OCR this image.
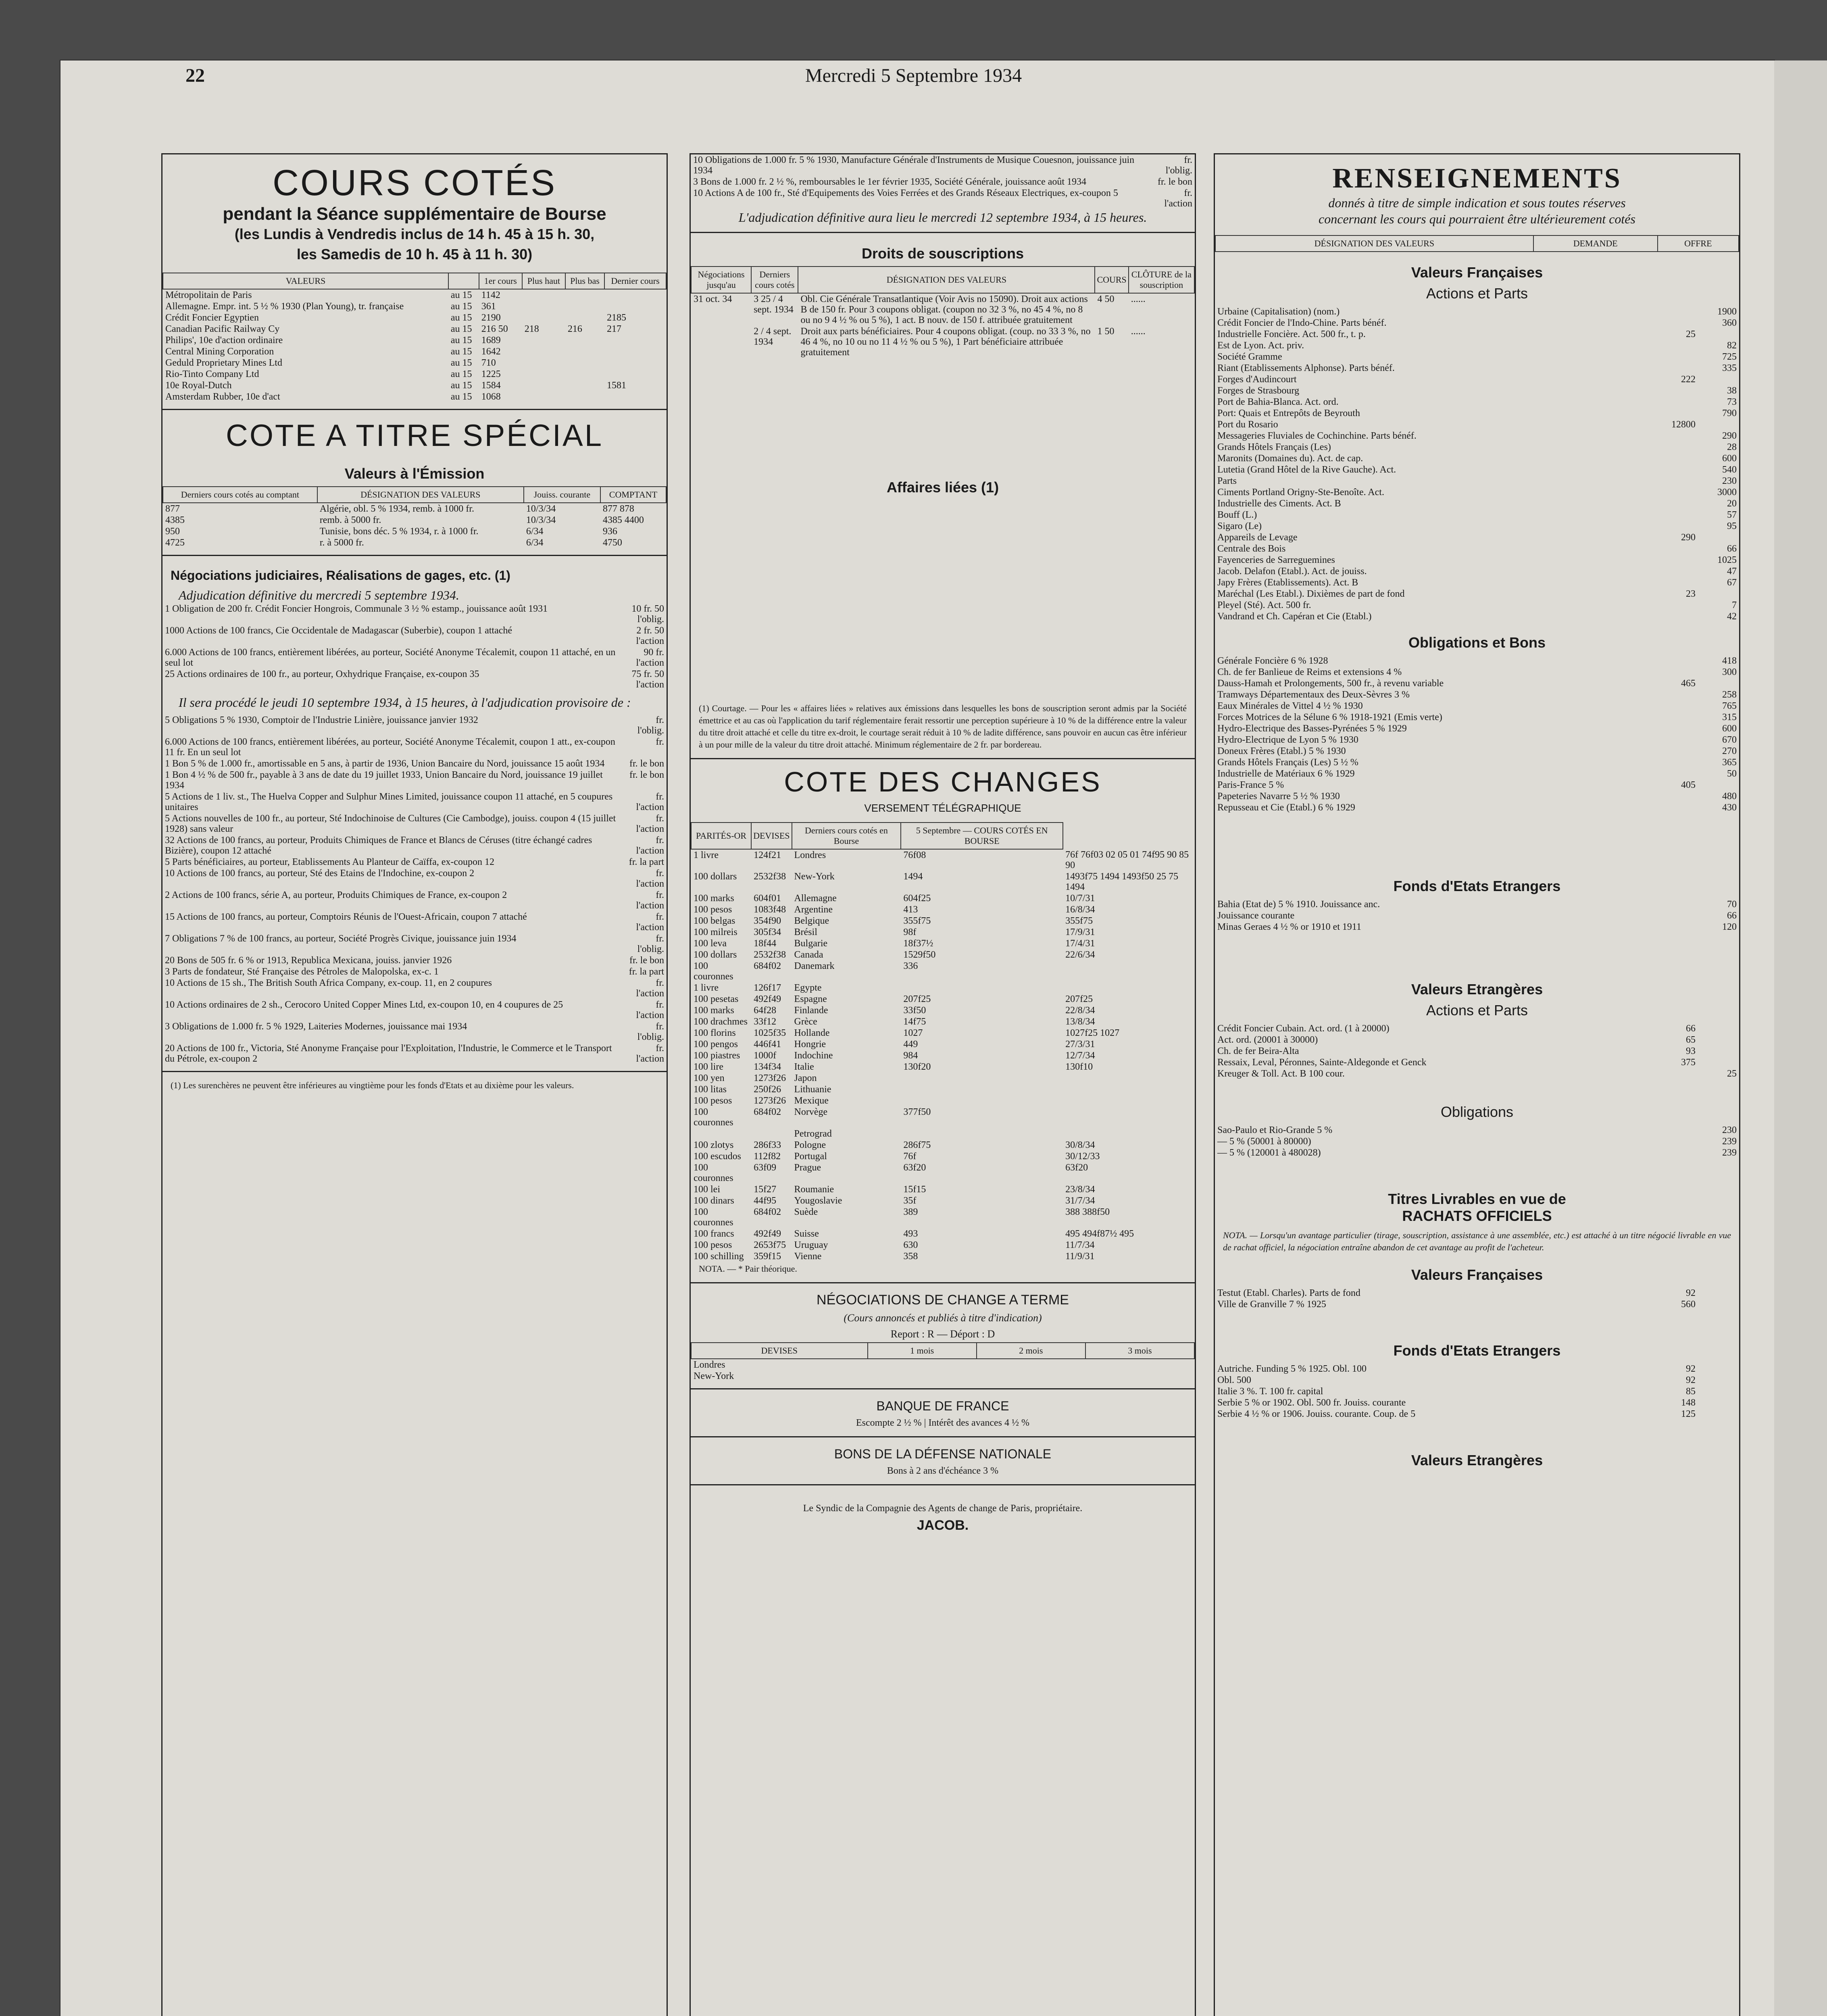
22	Mercredi 5 Septembre 1934
COURS COTÉS
pendant la Séance supplémentaire de Bourse
(les Lundis à Vendredis inclus de 14 h. 45 à 15 h. 30,
les Samedis de 10 h. 45 à 11 h. 30)
VALEURS		1er cours	Plus haut	Plus bas	Dernier cours
Métropolitain de Paris	au 15	1142			
Allemagne. Empr. int. 5 ½ % 1930 (Plan Young), tr. française	au 15	361			
Crédit Foncier Egyptien	au 15	2190			2185
Canadian Pacific Railway Cy	au 15	216 50	218	216	217
Philips', 10e d'action ordinaire	au 15	1689			
Central Mining Corporation	au 15	1642			
Geduld Proprietary Mines Ltd	au 15	710			
Rio-Tinto Company Ltd	au 15	1225			
10e Royal-Dutch	au 15	1584			1581
Amsterdam Rubber, 10e d'act	au 15	1068			
COTE A TITRE SPÉCIAL
Valeurs à l'Émission
Derniers cours cotés au comptant	DÉSIGNATION DES VALEURS	Jouiss. courante	COMPTANT
877	Algérie, obl. 5 % 1934, remb. à 1000 fr.	10/3/34	877 878
4385	remb. à 5000 fr.	10/3/34	4385 4400
950	Tunisie, bons déc. 5 % 1934, r. à 1000 fr.	6/34	936
4725	r. à 5000 fr.	6/34	4750
Négociations judiciaires, Réalisations de gages, etc. (1)
Adjudication définitive du mercredi 5 septembre 1934.
1 Obligation de 200 fr. Crédit Foncier Hongrois, Communale 3 ½ % estamp., jouissance août 1931	10 fr. 50 l'oblig.
1000 Actions de 100 francs, Cie Occidentale de Madagascar (Suberbie), coupon 1 attaché	2 fr. 50 l'action
6.000 Actions de 100 francs, entièrement libérées, au porteur, Société Anonyme Técalemit, coupon 11 attaché, en un seul lot	90 fr. l'action
25 Actions ordinaires de 100 fr., au porteur, Oxhydrique Française, ex-coupon 35	75 fr. 50 l'action
Il sera procédé le jeudi 10 septembre 1934, à 15 heures, à l'adjudication provisoire de :
5 Obligations 5 % 1930, Comptoir de l'Industrie Linière, jouissance janvier 1932	fr. l'oblig.
6.000 Actions de 100 francs, entièrement libérées, au porteur, Société Anonyme Técalemit, coupon 1 att., ex-coupon 11 fr. En un seul lot	fr.
1 Bon 5 % de 1.000 fr., amortissable en 5 ans, à partir de 1936, Union Bancaire du Nord, jouissance 15 août 1934	fr. le bon
1 Bon 4 ½ % de 500 fr., payable à 3 ans de date du 19 juillet 1933, Union Bancaire du Nord, jouissance 19 juillet 1934	fr. le bon
5 Actions de 1 liv. st., The Huelva Copper and Sulphur Mines Limited, jouissance coupon 11 attaché, en 5 coupures unitaires	fr. l'action
5 Actions nouvelles de 100 fr., au porteur, Sté Indochinoise de Cultures (Cie Cambodge), jouiss. coupon 4 (15 juillet 1928) sans valeur	fr. l'action
32 Actions de 100 francs, au porteur, Produits Chimiques de France et Blancs de Céruses (titre échangé cadres Bizière), coupon 12 attaché	fr. l'action
5 Parts bénéficiaires, au porteur, Etablissements Au Planteur de Caïffa, ex-coupon 12	fr. la part
10 Actions de 100 francs, au porteur, Sté des Etains de l'Indochine, ex-coupon 2	fr. l'action
2 Actions de 100 francs, série A, au porteur, Produits Chimiques de France, ex-coupon 2	fr. l'action
15 Actions de 100 francs, au porteur, Comptoirs Réunis de l'Ouest-Africain, coupon 7 attaché	fr. l'action
7 Obligations 7 % de 100 francs, au porteur, Société Progrès Civique, jouissance juin 1934	fr. l'oblig.
20 Bons de 505 fr. 6 % or 1913, Republica Mexicana, jouiss. janvier 1926	fr. le bon
3 Parts de fondateur, Sté Française des Pétroles de Malopolska, ex-c. 1	fr. la part
10 Actions de 15 sh., The British South Africa Company, ex-coup. 11, en 2 coupures	fr. l'action
10 Actions ordinaires de 2 sh., Cerocoro United Copper Mines Ltd, ex-coupon 10, en 4 coupures de 25	fr. l'action
3 Obligations de 1.000 fr. 5 % 1929, Laiteries Modernes, jouissance mai 1934	fr. l'oblig.
20 Actions de 100 fr., Victoria, Sté Anonyme Française pour l'Exploitation, l'Industrie, le Commerce et le Transport du Pétrole, ex-coupon 2	fr. l'action
(1) Les surenchères ne peuvent être inférieures au vingtième pour les fonds d'Etats et au dixième pour les valeurs.
10 Obligations de 1.000 fr. 5 % 1930, Manufacture Générale d'Instruments de Musique Couesnon, jouissance juin 1934	fr. l'oblig.
3 Bons de 1.000 fr. 2 ½ %, remboursables le 1er février 1935, Société Générale, jouissance août 1934	fr. le bon
10 Actions A de 100 fr., Sté d'Equipements des Voies Ferrées et des Grands Réseaux Electriques, ex-coupon 5	fr. l'action
L'adjudication définitive aura lieu le mercredi 12 septembre 1934, à 15 heures.
Droits de souscriptions
Négociations jusqu'au	Derniers cours cotés	DÉSIGNATION DES VALEURS	COURS	CLÔTURE de la souscription
31 oct. 34	3 25 / 4 sept. 1934	Obl. Cie Générale Transatlantique (Voir Avis no 15090). Droit aux actions B de 150 fr. Pour 3 coupons obligat. (coupon no 32 3 %, no 45 4 %, no 8 ou no 9 4 ½ % ou 5 %), 1 act. B nouv. de 150 f. attribuée gratuitement	4 50	......
	2 / 4 sept. 1934	Droit aux parts bénéficiaires. Pour 4 coupons obligat. (coup. no 33 3 %, no 46 4 %, no 10 ou no 11 4 ½ % ou 5 %), 1 Part bénéficiaire attribuée gratuitement	1 50	......
Affaires liées (1)
(1) Courtage. — Pour les « affaires liées » relatives aux émissions dans lesquelles les bons de souscription seront admis par la Société émettrice et au cas où l'application du tarif réglementaire ferait ressortir une perception supérieure à 10 % de la différence entre la valeur du titre droit attaché et celle du titre ex-droit, le courtage serait réduit à 10 % de ladite différence, sans pouvoir en aucun cas être inférieur à un pour mille de la valeur du titre droit attaché. Minimum réglementaire de 2 fr. par bordereau.
COTE DES CHANGES
VERSEMENT TÉLÉGRAPHIQUE
PARITÉS-OR	DEVISES	Derniers cours cotés en Bourse	5 Septembre — COURS COTÉS EN BOURSE	
1 livre	124f21	Londres	76f08	76f 76f03 02 05 01 74f95 90 85 90
100 dollars	2532f38	New-York	1494	1493f75 1494 1493f50 25 75 1494
100 marks	604f01	Allemagne	604f25	10/7/31
100 pesos	1083f48	Argentine	413	16/8/34
100 belgas	354f90	Belgique	355f75	355f75
100 milreis	305f34	Brésil	98f	17/9/31
100 leva	18f44	Bulgarie	18f37½	17/4/31
100 dollars	2532f38	Canada	1529f50	22/6/34
100 couronnes	684f02	Danemark	336	
1 livre	126f17	Egypte		
100 pesetas	492f49	Espagne	207f25	207f25
100 marks	64f28	Finlande	33f50	22/8/34
100 drachmes	33f12	Grèce	14f75	13/8/34
100 florins	1025f35	Hollande	1027	1027f25 1027
100 pengos	446f41	Hongrie	449	27/3/31
100 piastres	1000f	Indochine	984	12/7/34
100 lire	134f34	Italie	130f20	130f10
100 yen	1273f26	Japon		
100 litas	250f26	Lithuanie		
100 pesos	1273f26	Mexique		
100 couronnes	684f02	Norvège	377f50	
		Petrograd		
100 zlotys	286f33	Pologne	286f75	30/8/34
100 escudos	112f82	Portugal	76f	30/12/33
100 couronnes	63f09	Prague	63f20	63f20
100 lei	15f27	Roumanie	15f15	23/8/34
100 dinars	44f95	Yougoslavie	35f	31/7/34
100 couronnes	684f02	Suède	389	388 388f50
100 francs	492f49	Suisse	493	495 494f87½ 495
100 pesos	2653f75	Uruguay	630	11/7/34
100 schilling	359f15	Vienne	358	11/9/31
NOTA. — * Pair théorique.
NÉGOCIATIONS DE CHANGE A TERME
(Cours annoncés et publiés à titre d'indication)
Report : R — Déport : D
DEVISES	1 mois	2 mois	3 mois
Londres			
New-York			
BANQUE DE FRANCE
Escompte 2 ½ % | Intérêt des avances 4 ½ %
BONS DE LA DÉFENSE NATIONALE
Bons à 2 ans d'échéance 3 %
Le Syndic de la Compagnie des Agents de change de Paris, propriétaire.
JACOB.
RENSEIGNEMENTS
donnés à titre de simple indication et sous toutes réserves
concernant les cours qui pourraient être ultérieurement cotés
DÉSIGNATION DES VALEURS	DEMANDE	OFFRE
Valeurs Françaises
Actions et Parts
Urbaine (Capitalisation) (nom.)		1900
Crédit Foncier de l'Indo-Chine. Parts bénéf.		360
Industrielle Foncière. Act. 500 fr., t. p.	25	
Est de Lyon. Act. priv.		82
Société Gramme		725
Riant (Etablissements Alphonse). Parts bénéf.		335
Forges d'Audincourt	222	
Forges de Strasbourg		38
Port de Bahia-Blanca. Act. ord.		73
Port: Quais et Entrepôts de Beyrouth		790
Port du Rosario	12800	
Messageries Fluviales de Cochinchine. Parts bénéf.		290
Grands Hôtels Français (Les)		28
Maronits (Domaines du). Act. de cap.		600
Lutetia (Grand Hôtel de la Rive Gauche). Act.		540
Parts		230
Ciments Portland Origny-Ste-Benoîte. Act.		3000
Industrielle des Ciments. Act. B		20
Bouff (L.)		57
Sigaro (Le)		95
Appareils de Levage	290	
Centrale des Bois		66
Fayenceries de Sarreguemines		1025
Jacob. Delafon (Etabl.). Act. de jouiss.		47
Japy Frères (Etablissements). Act. B		67
Maréchal (Les Etabl.). Dixièmes de part de fond	23	
Pleyel (Sté). Act. 500 fr.		7
Vandrand et Ch. Capéran et Cie (Etabl.)		42
Obligations et Bons
Générale Foncière 6 % 1928		418
Ch. de fer Banlieue de Reims et extensions 4 %		300
Dauss-Hamah et Prolongements, 500 fr., à revenu variable	465	
Tramways Départementaux des Deux-Sèvres 3 %		258
Eaux Minérales de Vittel 4 ½ % 1930		765
Forces Motrices de la Sélune 6 % 1918-1921 (Emis verte)		315
Hydro-Electrique des Basses-Pyrénées 5 % 1929		600
Hydro-Electrique de Lyon 5 % 1930		670
Doneux Frères (Etabl.) 5 % 1930		270
Grands Hôtels Français (Les) 5 ½ %		365
Industrielle de Matériaux 6 % 1929		50
Paris-France 5 %	405	
Papeteries Navarre 5 ½ % 1930		480
Repusseau et Cie (Etabl.) 6 % 1929		430
Fonds d'Etats Etrangers
Bahia (Etat de) 5 % 1910. Jouissance anc.		70
Jouissance courante		66
Minas Geraes 4 ½ % or 1910 et 1911		120
Valeurs Etrangères
Actions et Parts
Crédit Foncier Cubain. Act. ord. (1 à 20000)	66	
Act. ord. (20001 à 30000)	65	
Ch. de fer Beira-Alta	93	
Ressaix, Leval, Péronnes, Sainte-Aldegonde et Genck	375	
Kreuger & Toll. Act. B 100 cour.		25
Obligations
Sao-Paulo et Rio-Grande 5 %		230
— 5 % (50001 à 80000)		239
— 5 % (120001 à 480028)		239
Titres Livrables en vue de
RACHATS OFFICIELS
NOTA. — Lorsqu'un avantage particulier (tirage, souscription, assistance à une assemblée, etc.) est attaché à un titre négocié livrable en vue de rachat officiel, la négociation entraîne abandon de cet avantage au profit de l'acheteur.
Valeurs Françaises
Testut (Etabl. Charles). Parts de fond	92	
Ville de Granville 7 % 1925	560	
Fonds d'Etats Etrangers
Autriche. Funding 5 % 1925. Obl. 100	92	
Obl. 500	92	
Italie 3 %. T. 100 fr. capital	85	
Serbie 5 % or 1902. Obl. 500 fr. Jouiss. courante	148	
Serbie 4 ½ % or 1906. Jouiss. courante. Coup. de 5	125	
Valeurs Etrangères
